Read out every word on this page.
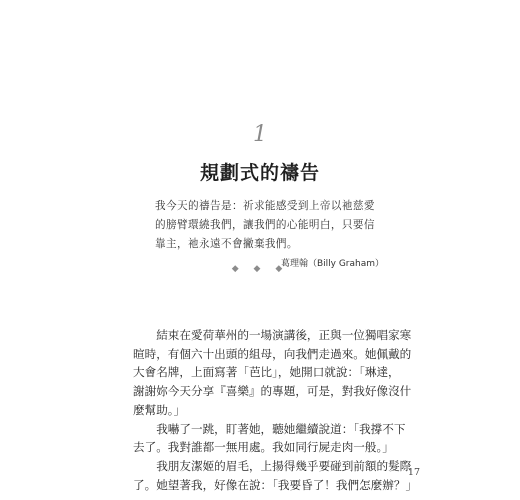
1
規劃式的禱告
我今天的禱告是：祈求能感受到上帝以祂慈愛
的膀臂環繞我們，讓我們的心能明白，只要信
靠主，祂永遠不會撇棄我們。
葛理翰（Billy Graham）
◆ ◆ ◆
　　結束在愛荷華州的一場演講後，正與一位獨唱家寒
暄時，有個六十出頭的組母，向我們走過來。她佩戴的
大會名牌，上面寫著「芭比」，她開口就說：「琳達，
謝謝妳今天分享『喜樂』的專題，可是，對我好像沒什
麼幫助。」
　　我嚇了一跳，盯著她，聽她繼續說道：「我撐不下
去了。我對誰都一無用處。我如同行屍走肉一般。」
　　我朋友潔姬的眉毛，上揚得幾乎要碰到前額的髮際
了。她望著我，好像在說：「我要昏了！我們怎麼辦？」
17
